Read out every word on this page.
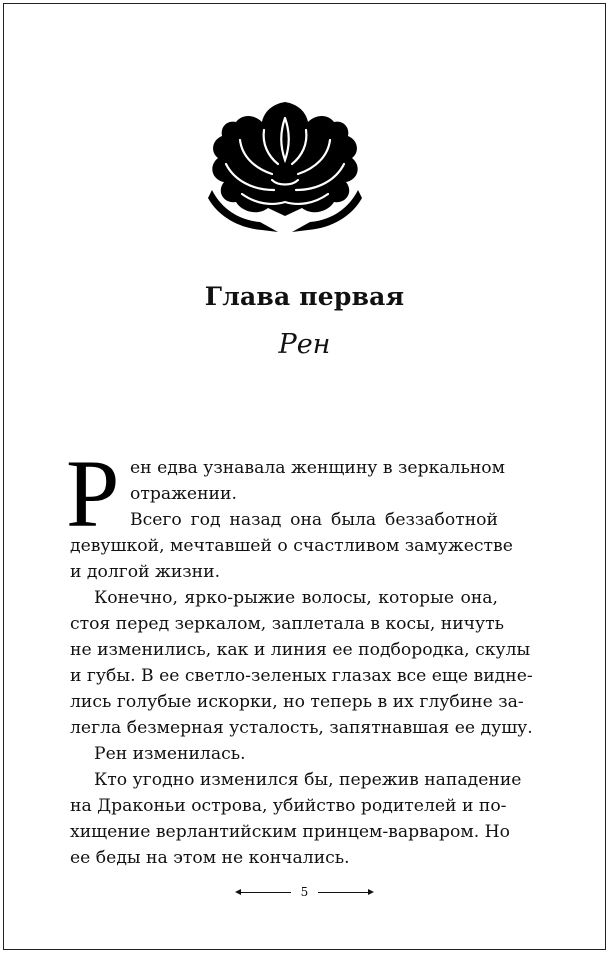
Глава первая
Рен
Р ен едва узнавала женщину в зеркальном
отражении.
Всего год назад она была беззаботной
девушкой, мечтавшей о счастливом замужестве
и долгой жизни.
Конечно, ярко-рыжие волосы, которые она,
стоя перед зеркалом, заплетала в косы, ничуть
не изменились, как и линия ее подбородка, скулы
и губы. В ее светло-зеленых глазах все еще видне-
лись голубые искорки, но теперь в их глубине за-
легла безмерная усталость, запятнавшая ее душу.
Рен изменилась.
Кто угодно изменился бы, пережив нападение
на Драконьи острова, убийство родителей и по-
хищение верлантийским принцем-варваром. Но
ее беды на этом не кончались.
5
